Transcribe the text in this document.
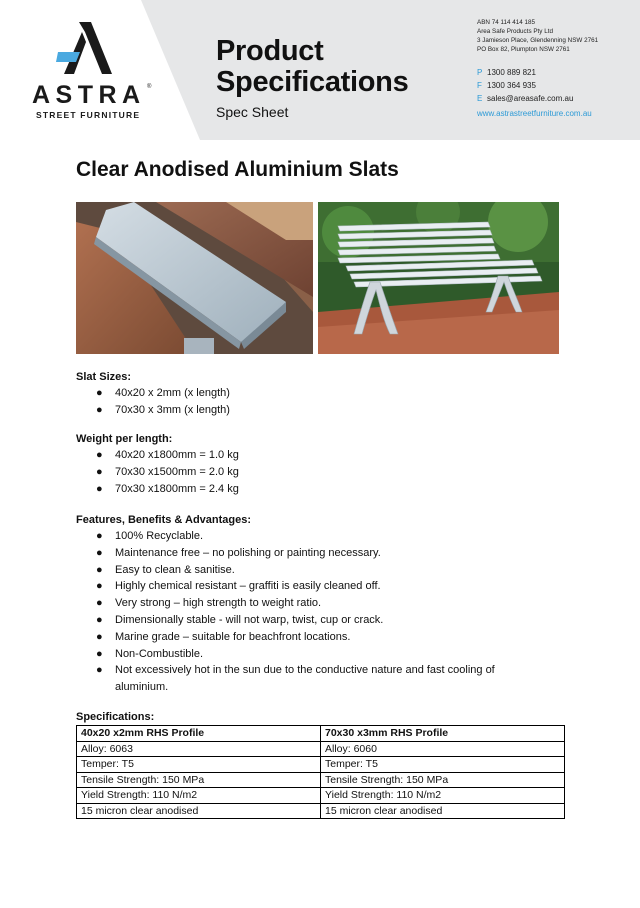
ASTRA ®
STREET FURNITURE
Product
Specifications
Spec Sheet
ABN 74 114 414 185
Area Safe Products Pty Ltd
3 Jamieson Place, Glendenning NSW 2761
PO Box 82, Plumpton NSW 2761
P 1300 889 821
F 1300 364 935
E sales@areasafe.com.au
www.astrastreetfurniture.com.au
Clear Anodised Aluminium Slats
Slat Sizes:
● 40x20 x 2mm (x length)
● 70x30 x 3mm (x length)
Weight per length:
● 40x20 x1800mm = 1.0 kg
● 70x30 x1500mm = 2.0 kg
● 70x30 x1800mm = 2.4 kg
Features, Benefits & Advantages:
● 100% Recyclable.
● Maintenance free – no polishing or painting necessary.
● Easy to clean & sanitise.
● Highly chemical resistant – graffiti is easily cleaned off.
● Very strong – high strength to weight ratio.
● Dimensionally stable - will not warp, twist, cup or crack.
● Marine grade – suitable for beachfront locations.
● Non-Combustible.
● Not excessively hot in the sun due to the conductive nature and fast cooling of aluminium.
Specifications:
40x20 x2mm RHS Profile	70x30 x3mm RHS Profile
Alloy: 6063	Alloy: 6060
Temper: T5	Temper: T5
Tensile Strength: 150 MPa	Tensile Strength: 150 MPa
Yield Strength: 110 N/m2	Yield Strength: 110 N/m2
15 micron clear anodised	15 micron clear anodised
